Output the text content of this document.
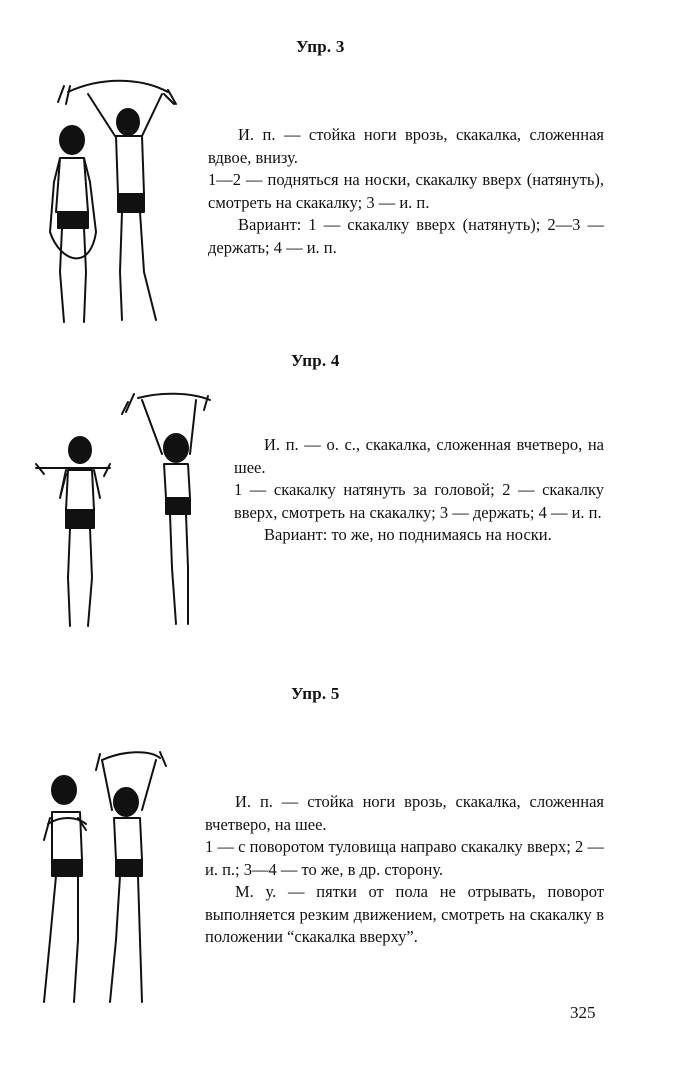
Упр. 3

И. п. — стойка ноги врозь, скакалка, сложенная вдвое, внизу.

1—2 — подняться на носки, скакалку вверх (натянуть), смотреть на скакалку; 3 — и. п.

Вариант: 1 — скакалку вверх (натянуть); 2—3 — держать; 4 — и. п.

Упр. 4

И. п. — о. с., скакалка, сложенная вчетверо, на шее.

1 — скакалку натянуть за головой; 2 — скакалку вверх, смотреть на скакалку; 3 — держать; 4 — и. п.

Вариант: то же, но поднимаясь на носки.

Упр. 5

И. п. — стойка ноги врозь, скакалка, сложенная вчетверо, на шее.

1 — с поворотом туловища направо скакалку вверх; 2 — и. п.; 3—4 — то же, в др. сторону.

М. у. — пятки от пола не отрывать, поворот выполняется резким движением, смотреть на скакалку в положении “скакалка вверху”.

325
